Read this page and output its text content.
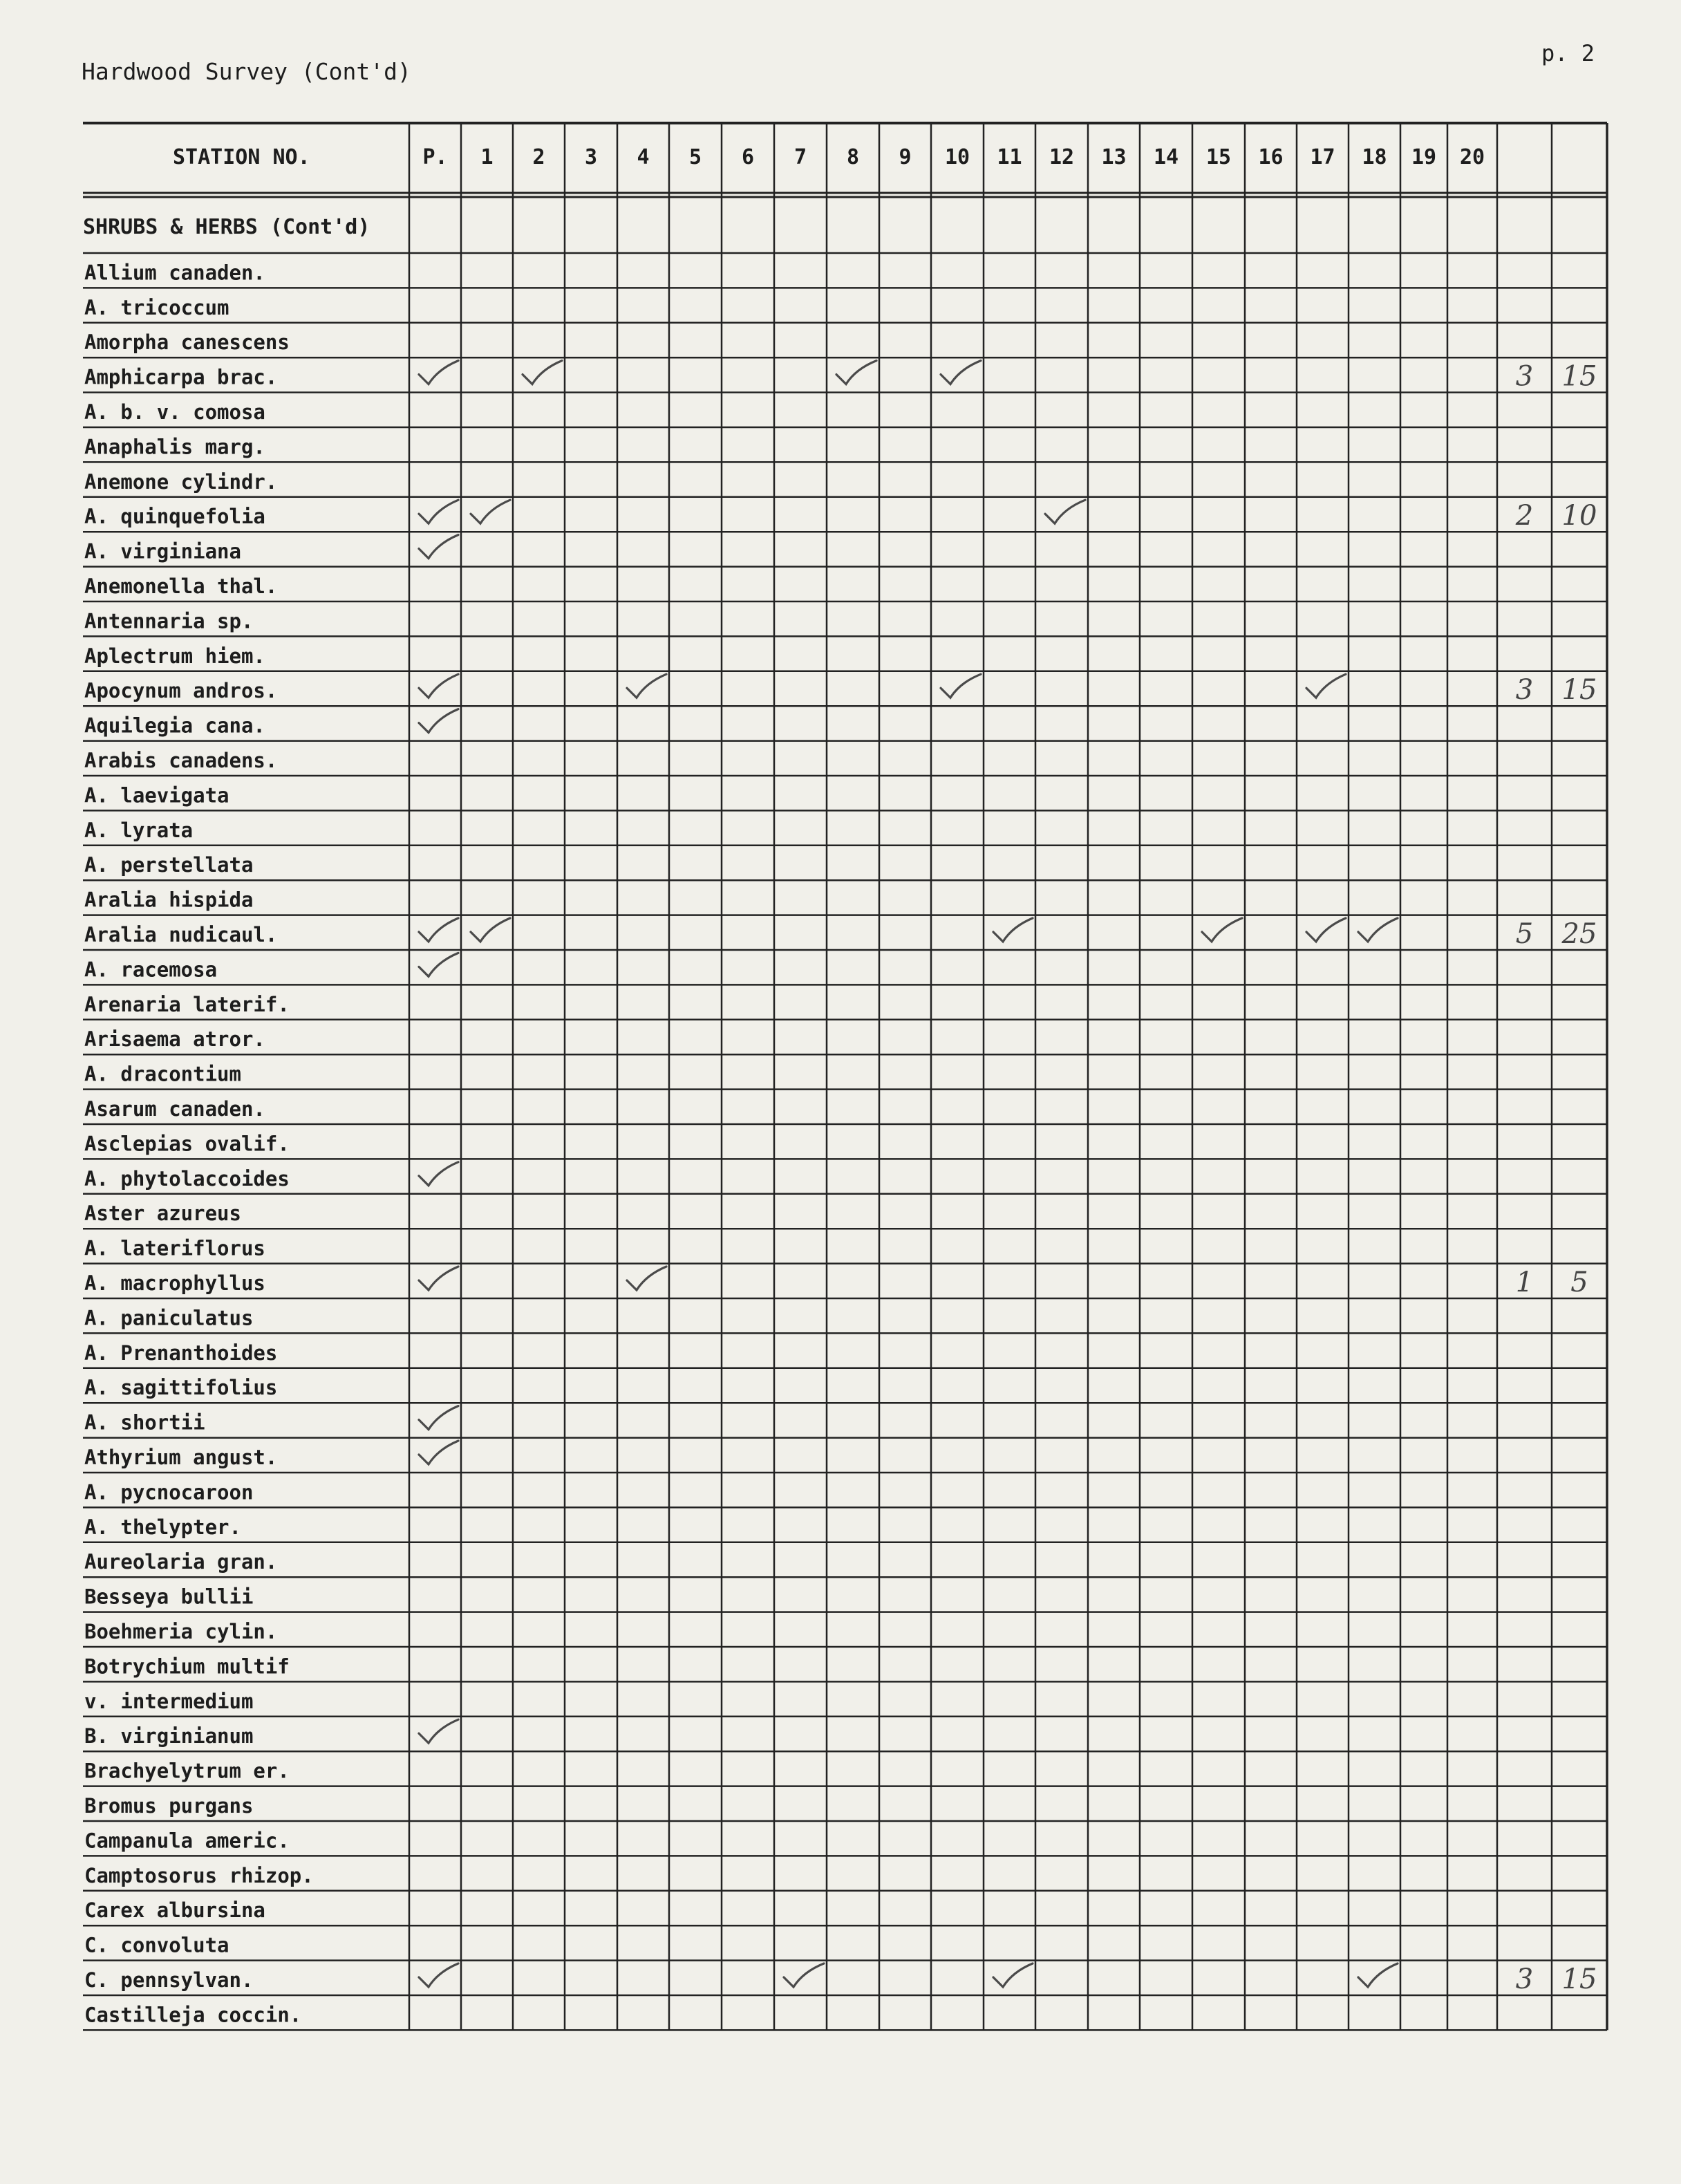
Hardwood Survey (Cont'd)
p. 2
STATION NO.
SHRUBS & HERBS (Cont'd)
P. 1 2 3 4 5 6 7 8 9 10 11 12 13 14 15 16 17 18 19 20
Allium canaden.
A. tricoccum
Amorpha canescens
Amphicarpa brac.
A. b. v. comosa
Anaphalis marg.
Anemone cylindr.
A. quinquefolia
A. virginiana
Anemonella thal.
Antennaria sp.
Aplectrum hiem.
Apocynum andros.
Aquilegia cana.
Arabis canadens.
A. laevigata
A. lyrata
A. perstellata
Aralia hispida
Aralia nudicaul.
A. racemosa
Arenaria laterif.
Arisaema atror.
A. dracontium
Asarum canaden.
Asclepias ovalif.
A. phytolaccoides
Aster azureus
A. lateriflorus
A. macrophyllus
A. paniculatus
A. Prenanthoides
A. sagittifolius
A. shortii
Athyrium angust.
A. pycnocaroon
A. thelypter.
Aureolaria gran.
Besseya bullii
Boehmeria cylin.
Botrychium multif
v. intermedium
B. virginianum
Brachyelytrum er.
Bromus purgans
Campanula americ.
Camptosorus rhizop.
Carex albursina
C. convoluta
C. pennsylvan.
Castilleja coccin.
3 15
2 10
3 15
5 25
1 5
3 15
